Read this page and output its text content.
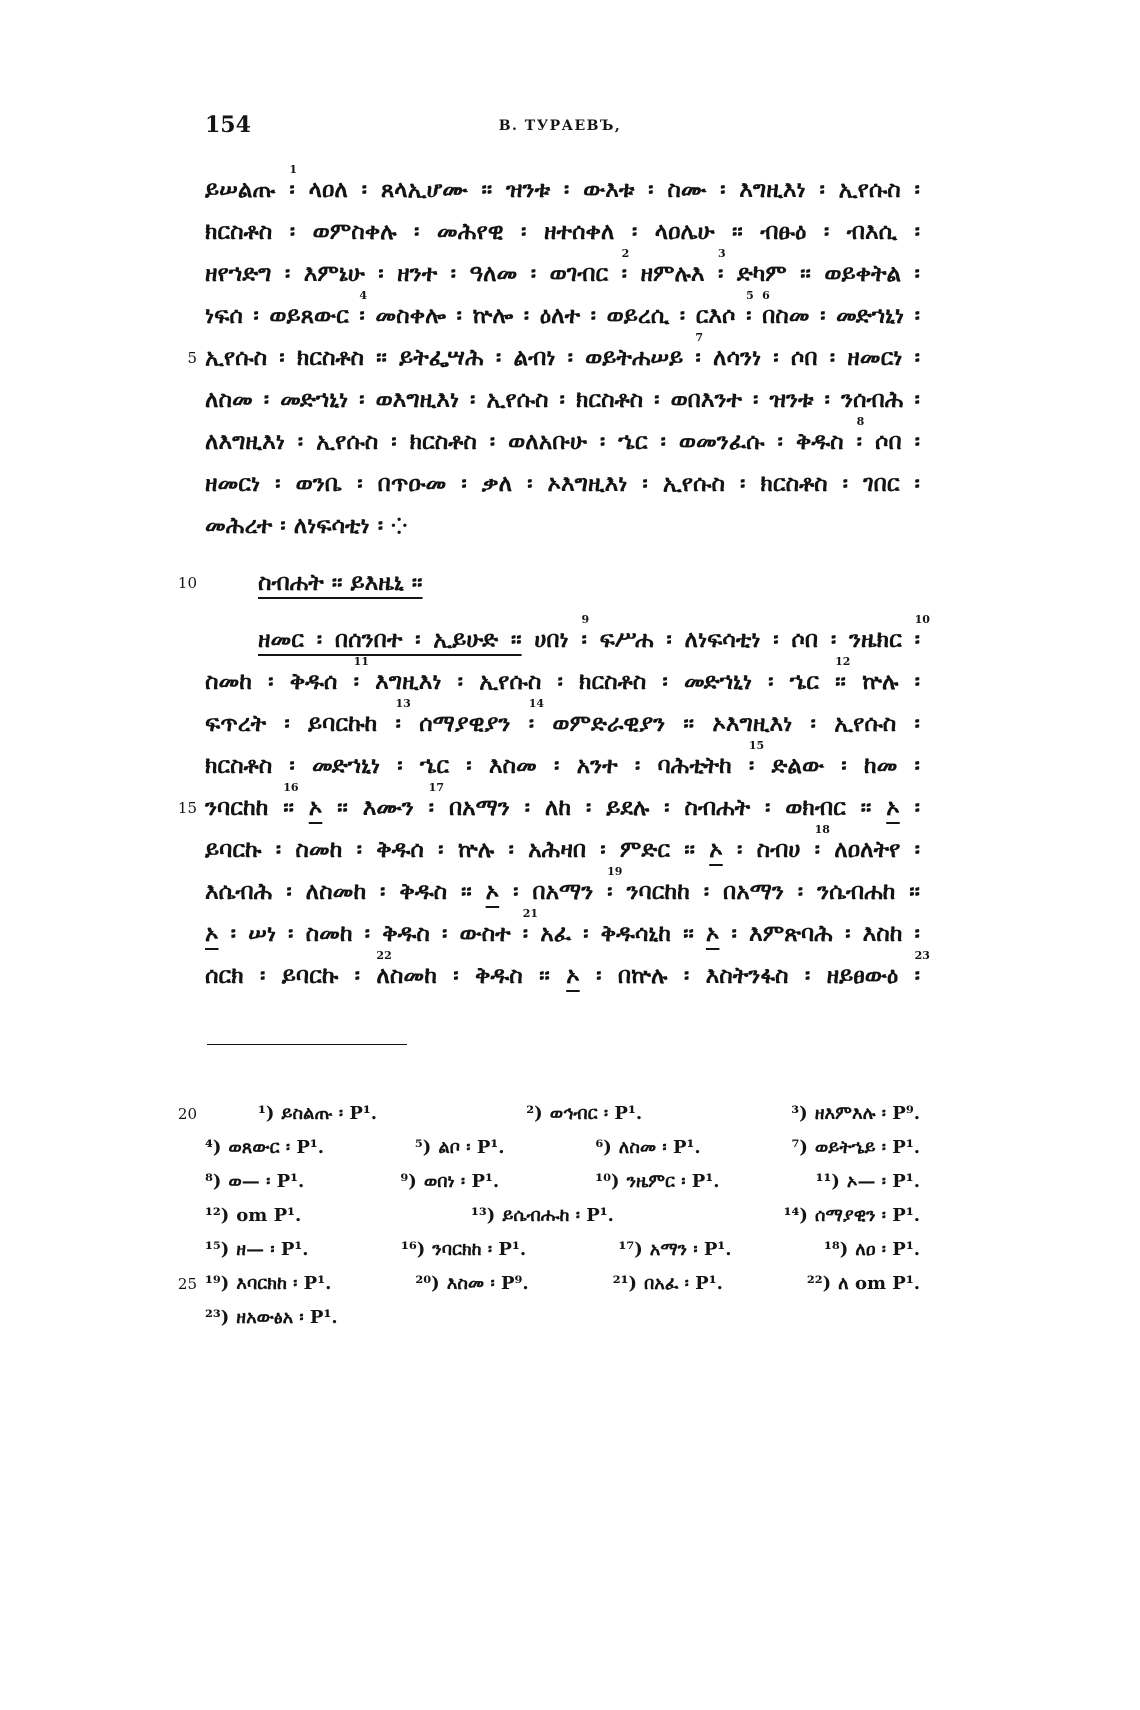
154	В. ТУРАЕВЪ,
ይሠልጡ 1፡ ላዐለ ፡ ጸላኢሆሙ ። ዝንቱ ፡ ውእቱ ፡ ስሙ ፡ እግዚእነ ፡ ኢየሱስ ፡
ክርስቶስ ፡ ወምስቀሉ ፡ መሕየዊ ፡ ዘተሰቀለ ፡ ላዐሌሁ ። ብፁዕ ፡ ብእሲ ፡
ዘየኀድግ ፡ እምኔሁ ፡ ዘንተ ፡ ዓለመ ፡ ወገብር 2፡ ዘምሉእ 3፡ ድካም ። ወይቀትል ፡
ነፍሰ ፡ ወይጸውር 4፡ መስቀሎ ፡ ኵሎ ፡ ዕለተ ፡ ወይረሲ ፡ ርእሶ 5፡ 6በስመ ፡ መድኀኒነ ፡
5 ኢየሱስ ፡ ክርስቶስ ። ይትፌሣሕ ፡ ልብነ ፡ ወይትሐሠይ 7፡ ለሳንነ ፡ ሶበ ፡ ዘመርነ ፡
ለስመ ፡ መድኀኒነ ፡ ወእግዚእነ ፡ ኢየሱስ ፡ ክርስቶስ ፡ ወበእንተ ፡ ዝንቱ ፡ ንሰብሕ ፡
ለእግዚእነ ፡ ኢየሱስ ፡ ክርስቶስ ፡ ወለአቡሁ ፡ ኄር ፡ ወመንፈሱ ፡ ቅዱስ 8፡ ሶበ ፡
ዘመርነ ፡ ወንቤ ፡ በጥዑመ ፡ ቃለ ፡ ኦእግዚእነ ፡ ኢየሱስ ፡ ክርስቶስ ፡ ገበር ፡
መሕረተ ፡ ለነፍሳቲነ ፡ ⁘
10	ስብሐት ። ይእዜኒ ።
ዘመር ፡ በሰንበተ ፡ ኢይሁድ ። ሀበነ 9፡ ፍሥሐ ፡ ለነፍሳቲነ ፡ ሶበ ፡ ንዜክር 10፡
ስመከ ፡ ቅዱሰ 11፡ እግዚእነ ፡ ኢየሱስ ፡ ክርስቶስ ፡ መድኀኒነ ፡ ኄር 12። ኵሉ ፡
ፍጥረት ፡ ይባርኩከ 13፡ ሰማያዊያን 14፡ ወምድራዊያን ። ኦእግዚእነ ፡ ኢየሱስ ፡
ክርስቶስ ፡ መድኀኒነ ፡ ኄር ፡ እስመ ፡ አንተ ፡ ባሕቲትከ 15፡ ድልው ፡ ከመ ፡
15 ንባርከከ 16። ኦ ። እሙን 17፡ በአማን ፡ ለከ ፡ ይደሉ ፡ ስብሐት ፡ ወክብር ። ኦ ፡
ይባርኩ ፡ ስመከ ፡ ቅዱሰ ፡ ኵሉ ፡ አሕዛበ ፡ ምድር ። ኦ ፡ ስብሀ 18፡ ለዐለትየ ፡
እሴብሕ ፡ ለስመከ ፡ ቅዱስ ። ኦ ፡ በአማን 19፡ ንባርከከ ፡ በአማን ፡ ንሴብሐከ ።
ኦ ፡ ሠነ ፡ ስመከ ፡ ቅዱስ ፡ ውስተ 21፡ አፈ ፡ ቅዱሳኒከ ። ኦ ፡ እምጽባሕ ፡ እስከ ፡
ሰርክ ፡ ይባርኩ ፡ 22ለስመከ ፡ ቅዱስ ። ኦ ፡ በኵሉ ፡ እስትንፋስ ፡ ዘይፀውዕ 23፡
20	¹) ይስልጡ ፡ P¹.	²) ወኅብር ፡ P¹.	³) ዘእምእሉ ፡ P⁹.
⁴) ወጸውር ፡ P¹.	⁵) ልቦ ፡ P¹.	⁶) ለስመ ፡ P¹.	⁷) ወይትኄይ ፡ P¹.
⁸) ወ— ፡ P¹.	⁹) ወበነ ፡ P¹.	¹⁰) ንዜምር ፡ P¹.	¹¹) ኦ— ፡ P¹.
¹²) om P¹.	¹³) ይሴብሑከ ፡ P¹.	¹⁴) ሰማያዊን ፡ P¹.
¹⁵) ዘ— ፡ P¹.	¹⁶) ንባርክከ ፡ P¹.	¹⁷) አማን ፡ P¹.	¹⁸) ለዐ ፡ P¹.
25 ¹⁹) እባርክከ ፡ P¹.	²⁰) እስመ ፡ P⁹.	²¹) በአፈ ፡ P¹.	²²) ለ om P¹.
²³) ዘአውፅአ ፡ P¹.
